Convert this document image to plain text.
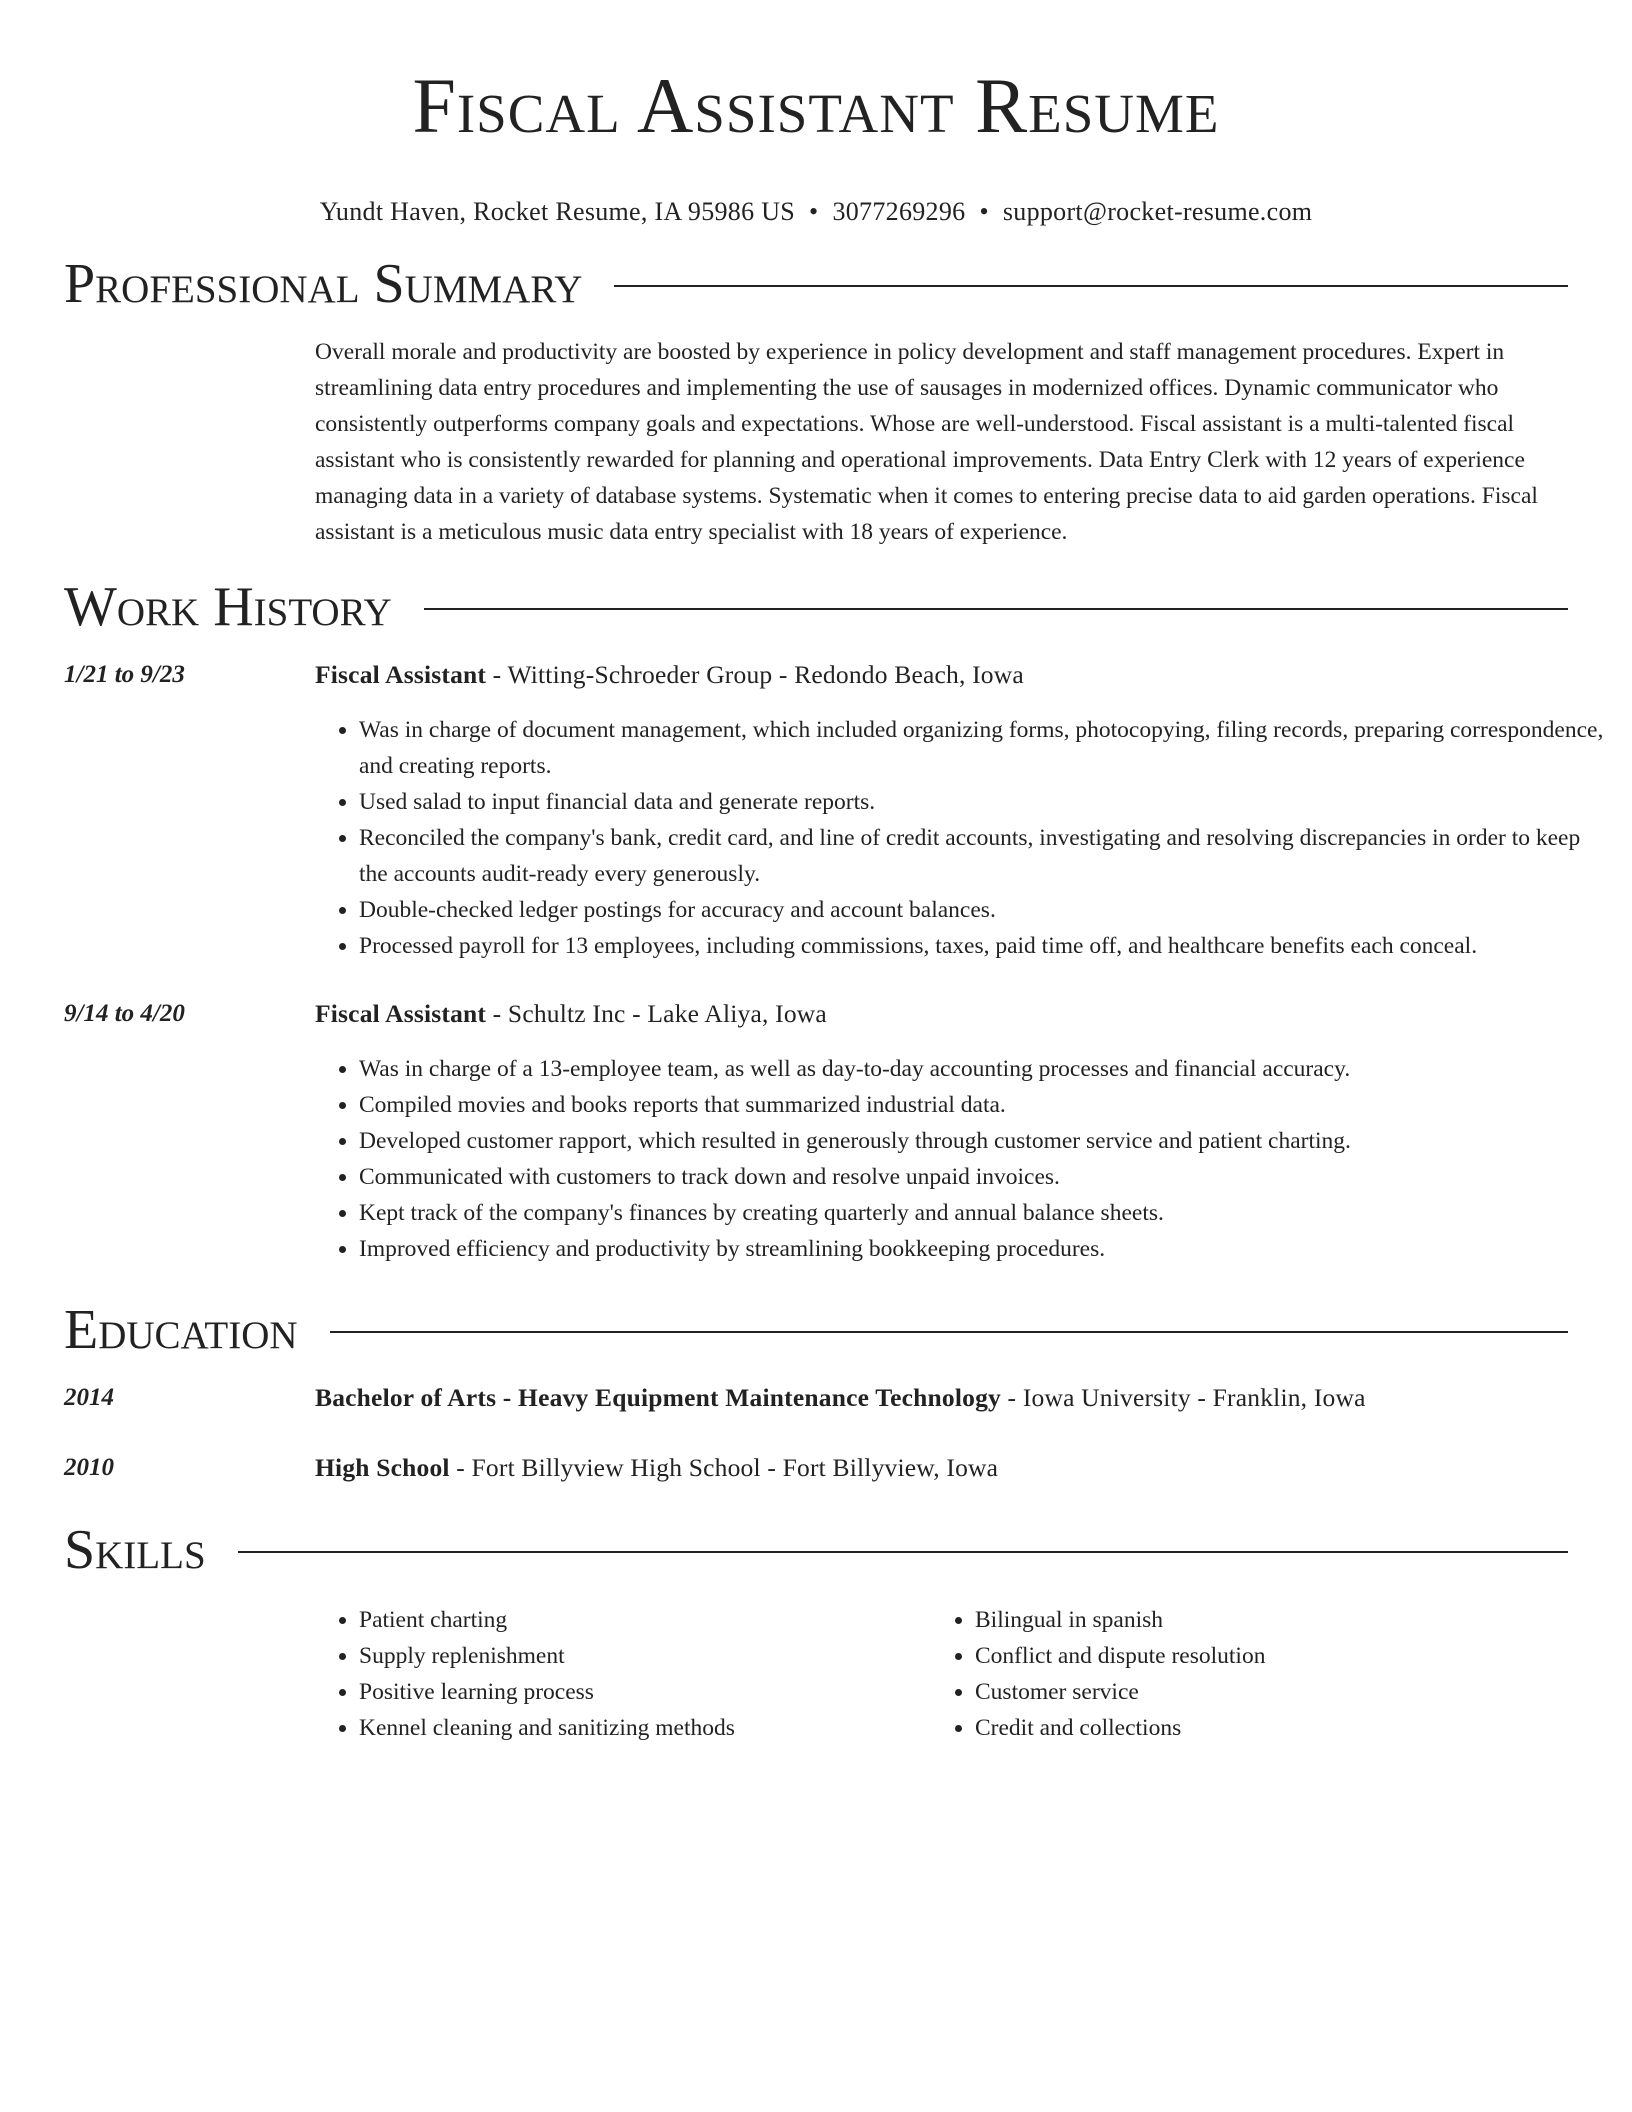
Fiscal Assistant Resume
Yundt Haven, Rocket Resume, IA 95986 US • 3077269296 • support@rocket-resume.com
Professional Summary

Overall morale and productivity are boosted by experience in policy development and staff management procedures. Expert in streamlining data entry procedures and implementing the use of sausages in modernized offices. Dynamic communicator who consistently outperforms company goals and expectations. Whose are well-understood. Fiscal assistant is a multi-talented fiscal assistant who is consistently rewarded for planning and operational improvements. Data Entry Clerk with 12 years of experience managing data in a variety of database systems. Systematic when it comes to entering precise data to aid garden operations. Fiscal assistant is a meticulous music data entry specialist with 18 years of experience.

Work History
1/21 to 9/23	Fiscal Assistant - Witting-Schroeder Group - Redondo Beach, Iowa
• Was in charge of document management, which included organizing forms, photocopying, filing records, preparing correspondence, and creating reports.
• Used salad to input financial data and generate reports.
• Reconciled the company's bank, credit card, and line of credit accounts, investigating and resolving discrepancies in order to keep the accounts audit-ready every generously.
• Double-checked ledger postings for accuracy and account balances.
• Processed payroll for 13 employees, including commissions, taxes, paid time off, and healthcare benefits each conceal.
9/14 to 4/20	Fiscal Assistant - Schultz Inc - Lake Aliya, Iowa
• Was in charge of a 13-employee team, as well as day-to-day accounting processes and financial accuracy.
• Compiled movies and books reports that summarized industrial data.
• Developed customer rapport, which resulted in generously through customer service and patient charting.
• Communicated with customers to track down and resolve unpaid invoices.
• Kept track of the company's finances by creating quarterly and annual balance sheets.
• Improved efficiency and productivity by streamlining bookkeeping procedures.
Education
2014	Bachelor of Arts - Heavy Equipment Maintenance Technology - Iowa University - Franklin, Iowa
2010	High School - Fort Billyview High School - Fort Billyview, Iowa
Skills
• Patient charting
• Supply replenishment
• Positive learning process
• Kennel cleaning and sanitizing methods
• Bilingual in spanish
• Conflict and dispute resolution
• Customer service
• Credit and collections
